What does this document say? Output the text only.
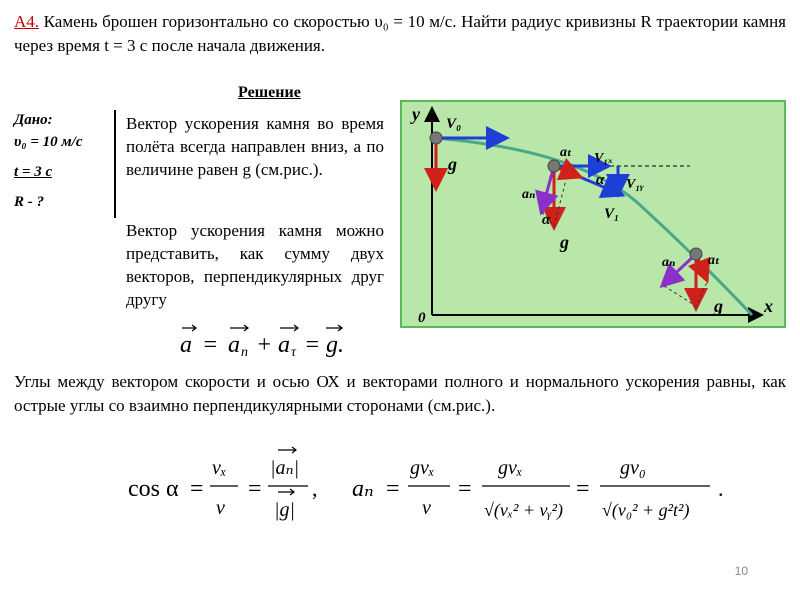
А4. Камень брошен горизонтально со скоростью υ₀ = 10 м/с. Найти радиус кривизны R траектории камня через время t = 3 с после начала движения.
Решение
Дано:
υ₀ = 10 м/с
t = 3 с
R - ?
Вектор ускорения камня во время полёта всегда направлен вниз, а по величине равен g (см.рис.).
Вектор ускорения камня можно представить, как сумму двух векторов, перпендикулярных друг другу
a = a n + a τ = g.
y
x
0
V₀
g
aₜ
aₙ
α
V₁ₓ
α V₁ᵧ
V₁
g
aₙ aₜ
g
Углы между вектором скорости и осью ОХ и векторами полного и нормального ускорения равны, как острые углы со взаимно перпендикулярными сторонами (см.рис.).
cos α =
vₓ
v
=
|aₙ|
|g|
, aₙ =
gvₓ
v
=
gvₓ
√(vₓ² + vᵧ²)
=
gv₀
√(v₀² + g²t²)
.
10
